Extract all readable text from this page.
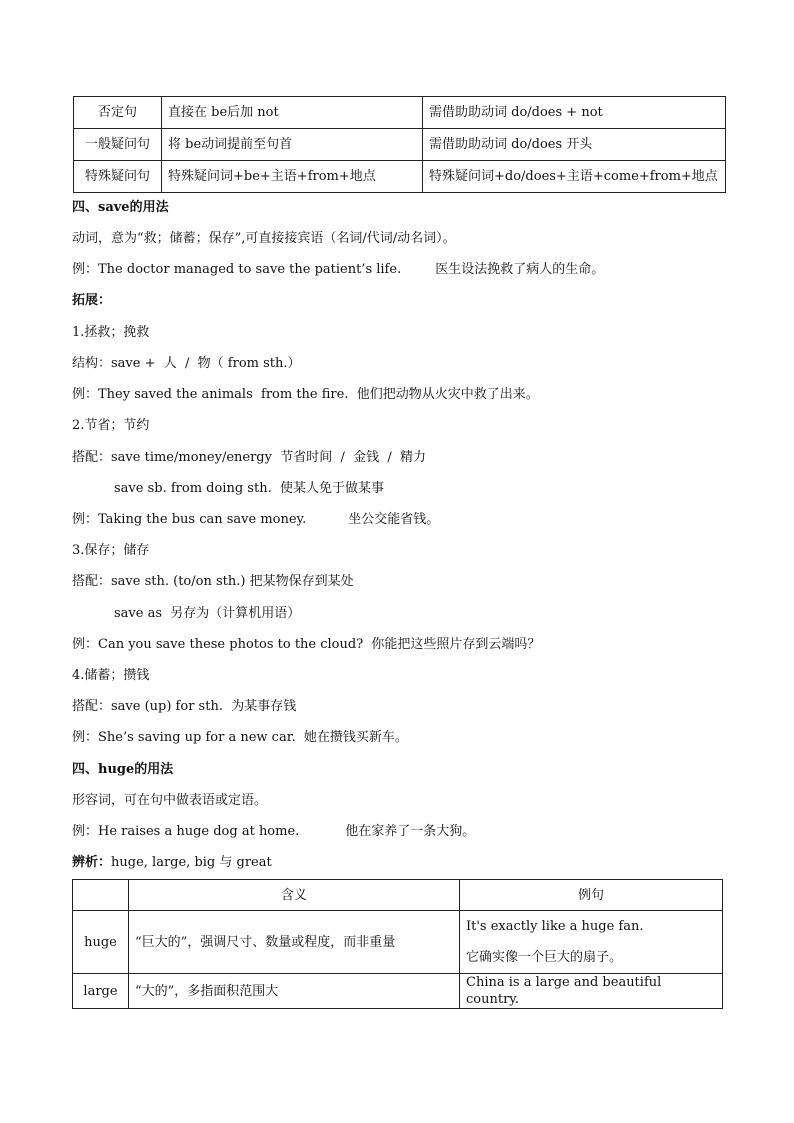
否定句	直接在 be后加 not	需借助助动词 do/does + not
一般疑问句	将 be动词提前至句首	需借助助动词 do/does 开头
特殊疑问句	特殊疑问词+be+主语+from+地点	特殊疑问词+do/does+主语+come+from+地点
四、save的用法
动词，意为“救；储蓄；保存”,可直接接宾语（名词/代词/动名词）。
例：The doctor managed to save the patient’s life.	医生设法挽救了病人的生命。
拓展：
1.拯救；挽救
结构：save +  人  /  物（ from sth.）
例：They saved the animals  from the fire.  他们把动物从火灾中救了出来。
2.节省；节约
搭配：save time/money/energy  节省时间  /  金钱  /  精力
save sb. from doing sth.  使某人免于做某事
例：Taking the bus can save money.	坐公交能省钱。
3.保存；储存
搭配：save sth. (to/on sth.) 把某物保存到某处
save as  另存为（计算机用语）
例：Can you save these photos to the cloud?  你能把这些照片存到云端吗？
4.储蓄；攒钱
搭配：save (up) for sth.  为某事存钱
例：She’s saving up for a new car.  她在攒钱买新车。
四、huge的用法
形容词，可在句中做表语或定语。
例：He raises a huge dog at home.	他在家养了一条大狗。
辨析：huge, large, big 与 great
	含义	例句
huge	“巨大的”，强调尺寸、数量或程度，而非重量	It's exactly like a huge fan.
它确实像一个巨大的扇子。

large	“大的”，多指面积范围大	China is a large and beautiful country.
